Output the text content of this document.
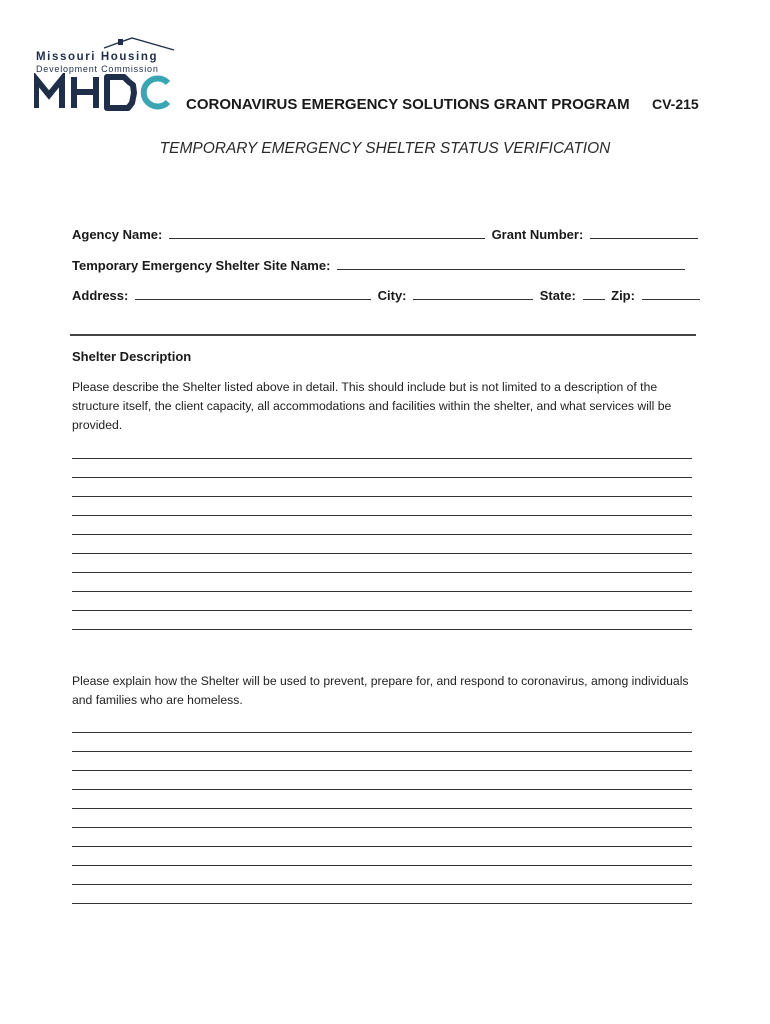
Missouri Housing
Development Commission
CORONAVIRUS EMERGENCY SOLUTIONS GRANT PROGRAM CV-215
TEMPORARY EMERGENCY SHELTER STATUS VERIFICATION
Agency Name:	Grant Number:
Temporary Emergency Shelter Site Name:
Address:	City:	State:	Zip:
Shelter Description
Please describe the Shelter listed above in detail. This should include but is not limited to a description of the structure itself, the client capacity, all accommodations and facilities within the shelter, and what services will be provided.
Please explain how the Shelter will be used to prevent, prepare for, and respond to coronavirus, among individuals and families who are homeless.
